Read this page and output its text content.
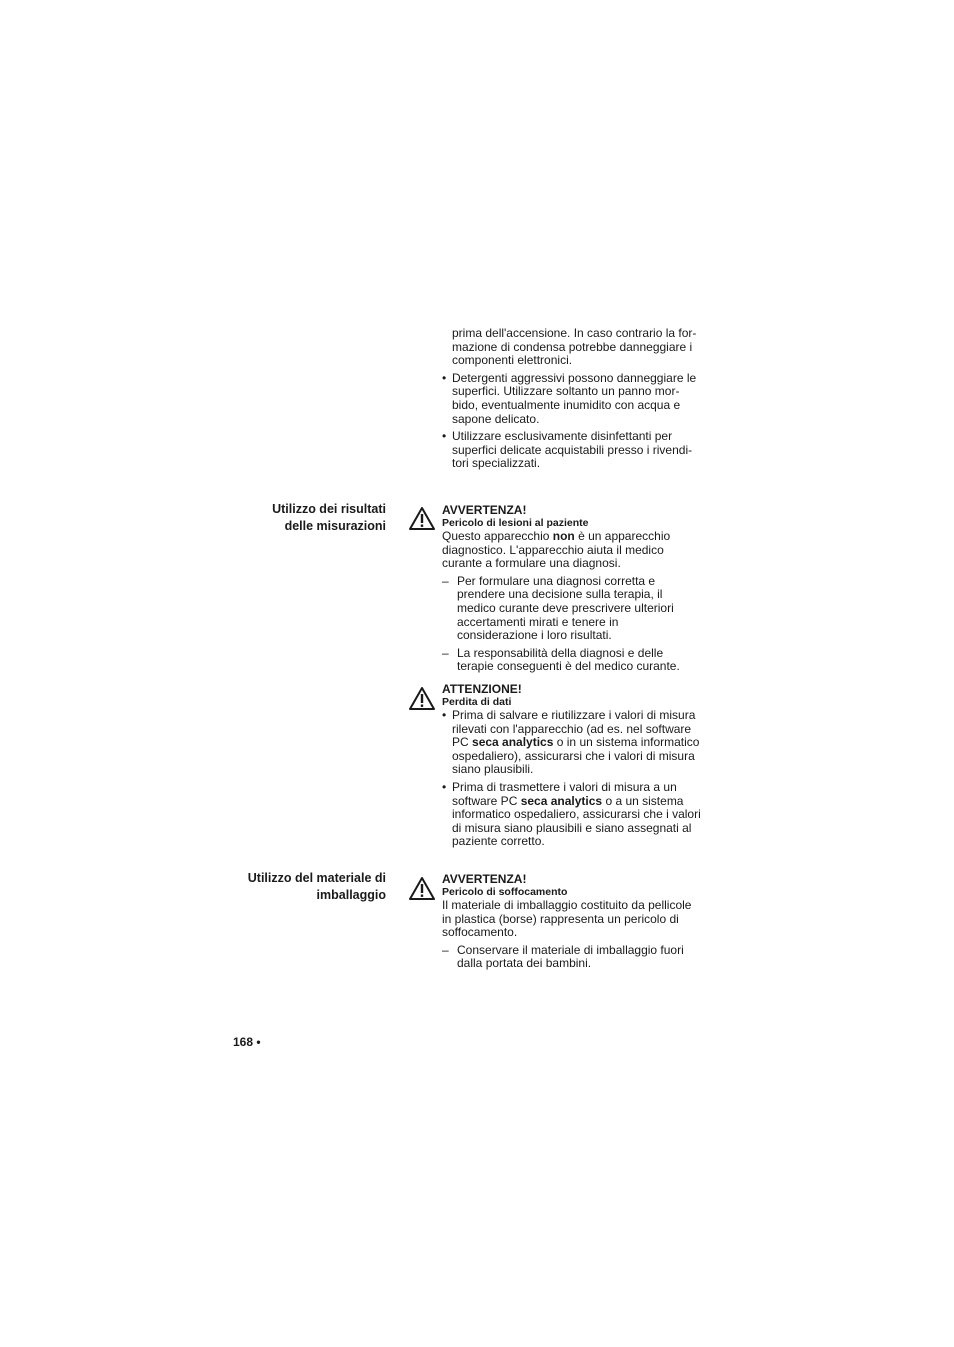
prima dell'accensione. In caso contrario la for-mazione di condensa potrebbe danneggiare i componenti elettronici.

• Detergenti aggressivi possono danneggiare le superfici. Utilizzare soltanto un panno mor-bido, eventualmente inumidito con acqua e sapone delicato.
• Utilizzare esclusivamente disinfettanti per superfici delicate acquistabili presso i rivendi-tori specializzati.
Utilizzo dei risultati
delle misurazioni
AVVERTENZA!
Pericolo di lesioni al paziente

Questo apparecchio non è un apparecchio diagnostico. L'apparecchio aiuta il medico curante a formulare una diagnosi.

– Per formulare una diagnosi corretta e prendere una decisione sulla terapia, il medico curante deve prescrivere ulteriori accertamenti mirati e tenere in considerazione i loro risultati.
– La responsabilità della diagnosi e delle terapie conseguenti è del medico curante.
ATTENZIONE!
Perdita di dati
• Prima di salvare e riutilizzare i valori di misura rilevati con l'apparecchio (ad es. nel software PC seca analytics o in un sistema informatico ospedaliero), assicurarsi che i valori di misura siano plausibili.
• Prima di trasmettere i valori di misura a un software PC seca analytics o a un sistema informatico ospedaliero, assicurarsi che i valori di misura siano plausibili e siano assegnati al paziente corretto.
Utilizzo del materiale di
imballaggio
AVVERTENZA!
Pericolo di soffocamento

Il materiale di imballaggio costituito da pellicole in plastica (borse) rappresenta un pericolo di soffocamento.

– Conservare il materiale di imballaggio fuori dalla portata dei bambini.
168 •
